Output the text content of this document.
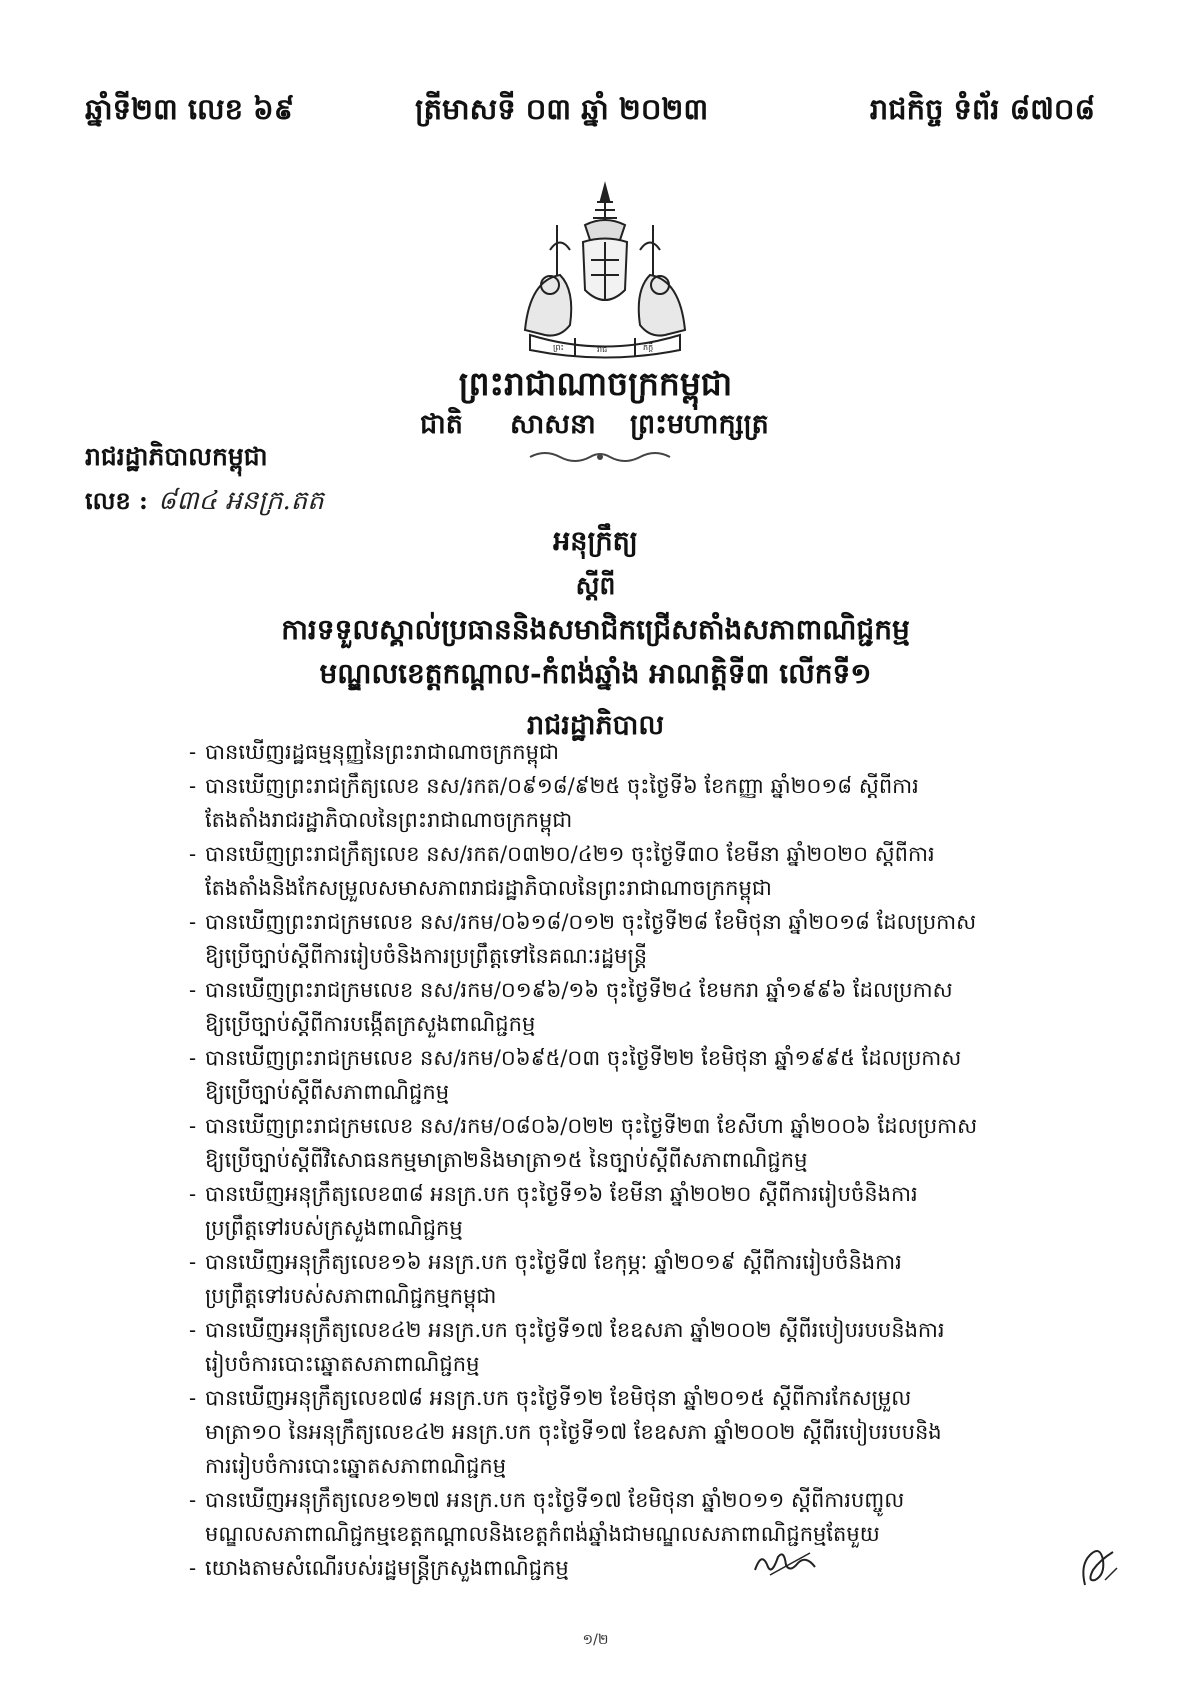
ឆ្នាំទី២៣ លេខ ៦៩	ត្រីមាសទី ០៣ ឆ្នាំ ២០២៣	រាជកិច្ច ទំព័រ ៨៧០៨
ព្រះ	រាជ	ភក្ដី
ព្រះរាជាណាចក្រកម្ពុជា
ជាតិ សាសនា ព្រះមហាក្សត្រ
រាជរដ្ឋាភិបាលកម្ពុជា
លេខ : ៨៣៤ អនក្រ.តត
អនុក្រឹត្យ
ស្ដីពី
ការទទួលស្គាល់ប្រធាននិងសមាជិកជ្រើសតាំងសភាពាណិជ្ជកម្ម
មណ្ឌលខេត្តកណ្ដាល-កំពង់ឆ្នាំង អាណត្តិទី៣ លើកទី១
រាជរដ្ឋាភិបាល
- បានឃើញរដ្ឋធម្មនុញ្ញនៃព្រះរាជាណាចក្រកម្ពុជា
- បានឃើញព្រះរាជក្រឹត្យលេខ នស/រកត/០៩១៨/៩២៥ ចុះថ្ងៃទី៦ ខែកញ្ញា ឆ្នាំ២០១៨ ស្ដីពីការ
តែងតាំងរាជរដ្ឋាភិបាលនៃព្រះរាជាណាចក្រកម្ពុជា
- បានឃើញព្រះរាជក្រឹត្យលេខ នស/រកត/០៣២០/៤២១ ចុះថ្ងៃទី៣០ ខែមីនា ឆ្នាំ២០២០ ស្ដីពីការ
តែងតាំងនិងកែសម្រួលសមាសភាពរាជរដ្ឋាភិបាលនៃព្រះរាជាណាចក្រកម្ពុជា
- បានឃើញព្រះរាជក្រមលេខ នស/រកម/០៦១៨/០១២ ចុះថ្ងៃទី២៨ ខែមិថុនា ឆ្នាំ២០១៨ ដែលប្រកាស
ឱ្យប្រើច្បាប់ស្ដីពីការរៀបចំនិងការប្រព្រឹត្តទៅនៃគណៈរដ្ឋមន្ត្រី
- បានឃើញព្រះរាជក្រមលេខ នស/រកម/០១៩៦/១៦ ចុះថ្ងៃទី២៤ ខែមករា ឆ្នាំ១៩៩៦ ដែលប្រកាស
ឱ្យប្រើច្បាប់ស្ដីពីការបង្កើតក្រសួងពាណិជ្ជកម្ម
- បានឃើញព្រះរាជក្រមលេខ នស/រកម/០៦៩៥/០៣ ចុះថ្ងៃទី២២ ខែមិថុនា ឆ្នាំ១៩៩៥ ដែលប្រកាស
ឱ្យប្រើច្បាប់ស្ដីពីសភាពាណិជ្ជកម្ម
- បានឃើញព្រះរាជក្រមលេខ នស/រកម/០៨០៦/០២២ ចុះថ្ងៃទី២៣ ខែសីហា ឆ្នាំ២០០៦ ដែលប្រកាស
ឱ្យប្រើច្បាប់ស្ដីពីវិសោធនកម្មមាត្រា២និងមាត្រា១៥ នៃច្បាប់ស្ដីពីសភាពាណិជ្ជកម្ម
- បានឃើញអនុក្រឹត្យលេខ៣៨ អនក្រ.បក ចុះថ្ងៃទី១៦ ខែមីនា ឆ្នាំ២០២០ ស្ដីពីការរៀបចំនិងការ
ប្រព្រឹត្តទៅរបស់ក្រសួងពាណិជ្ជកម្ម
- បានឃើញអនុក្រឹត្យលេខ១៦ អនក្រ.បក ចុះថ្ងៃទី៧ ខែកុម្ភៈ ឆ្នាំ២០១៩ ស្ដីពីការរៀបចំនិងការ
ប្រព្រឹត្តទៅរបស់សភាពាណិជ្ជកម្មកម្ពុជា
- បានឃើញអនុក្រឹត្យលេខ៤២ អនក្រ.បក ចុះថ្ងៃទី១៧ ខែឧសភា ឆ្នាំ២០០២ ស្ដីពីរបៀបរបបនិងការ
រៀបចំការបោះឆ្នោតសភាពាណិជ្ជកម្ម
- បានឃើញអនុក្រឹត្យលេខ៧៨ អនក្រ.បក ចុះថ្ងៃទី១២ ខែមិថុនា ឆ្នាំ២០១៥ ស្ដីពីការកែសម្រួល
មាត្រា១០ នៃអនុក្រឹត្យលេខ៤២ អនក្រ.បក ចុះថ្ងៃទី១៧ ខែឧសភា ឆ្នាំ២០០២ ស្ដីពីរបៀបរបបនិង
ការរៀបចំការបោះឆ្នោតសភាពាណិជ្ជកម្ម
- បានឃើញអនុក្រឹត្យលេខ១២៧ អនក្រ.បក ចុះថ្ងៃទី១៧ ខែមិថុនា ឆ្នាំ២០១១ ស្ដីពីការបញ្ចូល
មណ្ឌលសភាពាណិជ្ជកម្មខេត្តកណ្ដាលនិងខេត្តកំពង់ឆ្នាំងជាមណ្ឌលសភាពាណិជ្ជកម្មតែមួយ
- យោងតាមសំណើរបស់រដ្ឋមន្ត្រីក្រសួងពាណិជ្ជកម្ម
១/២
